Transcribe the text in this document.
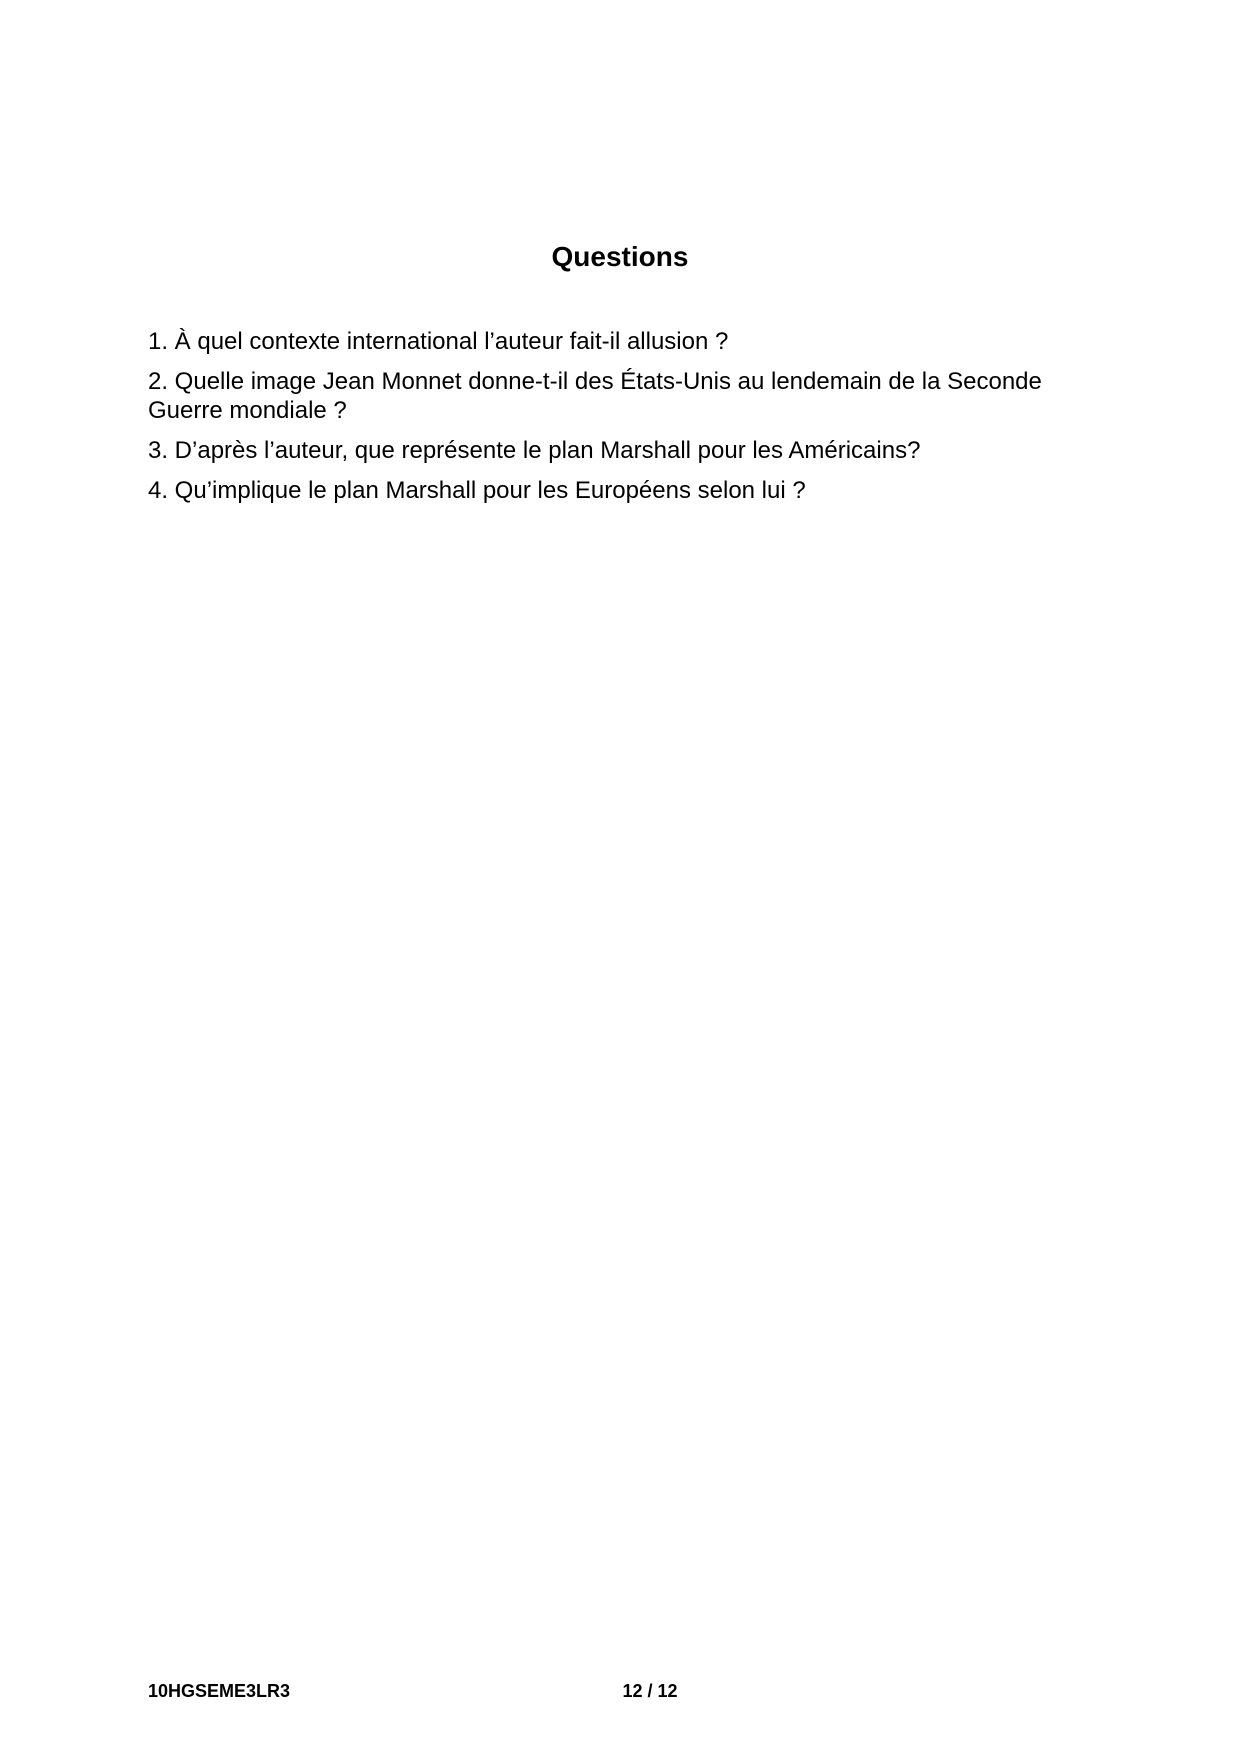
Questions
1. À quel contexte international l’auteur fait-il allusion ?
2. Quelle image Jean Monnet donne-t-il des États-Unis au lendemain de la Seconde Guerre mondiale ?
3. D’après l’auteur, que représente le plan Marshall pour les Américains?
4. Qu’implique le plan Marshall pour les Européens selon lui ?
10HGSEME3LR3	12 / 12
